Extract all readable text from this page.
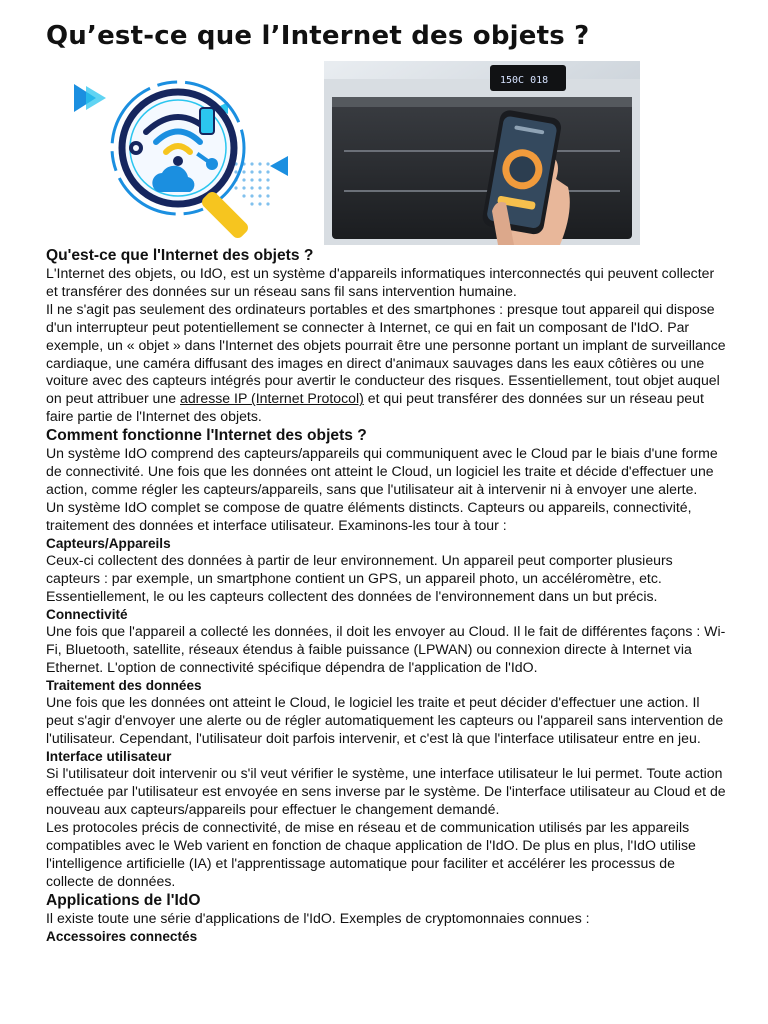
Qu’est-ce que l’Internet des objets ?
150C 018
Qu'est-ce que l'Internet des objets ?

L'Internet des objets, ou IdO, est un système d'appareils informatiques interconnectés qui peuvent collecter et transférer des données sur un réseau sans fil sans intervention humaine.

Il ne s'agit pas seulement des ordinateurs portables et des smartphones : presque tout appareil qui dispose d'un interrupteur peut potentiellement se connecter à Internet, ce qui en fait un composant de l'IdO. Par exemple, un « objet » dans l'Internet des objets pourrait être une personne portant un implant de surveillance cardiaque, une caméra diffusant des images en direct d'animaux sauvages dans les eaux côtières ou une voiture avec des capteurs intégrés pour avertir le conducteur des risques. Essentiellement, tout objet auquel on peut attribuer une adresse IP (Internet Protocol) et qui peut transférer des données sur un réseau peut faire partie de l'Internet des objets.

Comment fonctionne l'Internet des objets ?

Un système IdO comprend des capteurs/appareils qui communiquent avec le Cloud par le biais d'une forme de connectivité. Une fois que les données ont atteint le Cloud, un logiciel les traite et décide d'effectuer une action, comme régler les capteurs/appareils, sans que l'utilisateur ait à intervenir ni à envoyer une alerte.

Un système IdO complet se compose de quatre éléments distincts. Capteurs ou appareils, connectivité, traitement des données et interface utilisateur. Examinons-les tour à tour :

Capteurs/Appareils

Ceux-ci collectent des données à partir de leur environnement. Un appareil peut comporter plusieurs capteurs : par exemple, un smartphone contient un GPS, un appareil photo, un accéléromètre, etc. Essentiellement, le ou les capteurs collectent des données de l'environnement dans un but précis.

Connectivité

Une fois que l'appareil a collecté les données, il doit les envoyer au Cloud. Il le fait de différentes façons : Wi-Fi, Bluetooth, satellite, réseaux étendus à faible puissance (LPWAN) ou connexion directe à Internet via Ethernet. L'option de connectivité spécifique dépendra de l'application de l'IdO.

Traitement des données

Une fois que les données ont atteint le Cloud, le logiciel les traite et peut décider d'effectuer une action. Il peut s'agir d'envoyer une alerte ou de régler automatiquement les capteurs ou l'appareil sans intervention de l'utilisateur. Cependant, l'utilisateur doit parfois intervenir, et c'est là que l'interface utilisateur entre en jeu.

Interface utilisateur

Si l'utilisateur doit intervenir ou s'il veut vérifier le système, une interface utilisateur le lui permet. Toute action effectuée par l'utilisateur est envoyée en sens inverse par le système. De l'interface utilisateur au Cloud et de nouveau aux capteurs/appareils pour effectuer le changement demandé.

Les protocoles précis de connectivité, de mise en réseau et de communication utilisés par les appareils compatibles avec le Web varient en fonction de chaque application de l'IdO. De plus en plus, l'IdO utilise l'intelligence artificielle (IA) et l'apprentissage automatique pour faciliter et accélérer les processus de collecte de données.

Applications de l'IdO

Il existe toute une série d'applications de l'IdO. Exemples de cryptomonnaies connues :

Accessoires connectés
